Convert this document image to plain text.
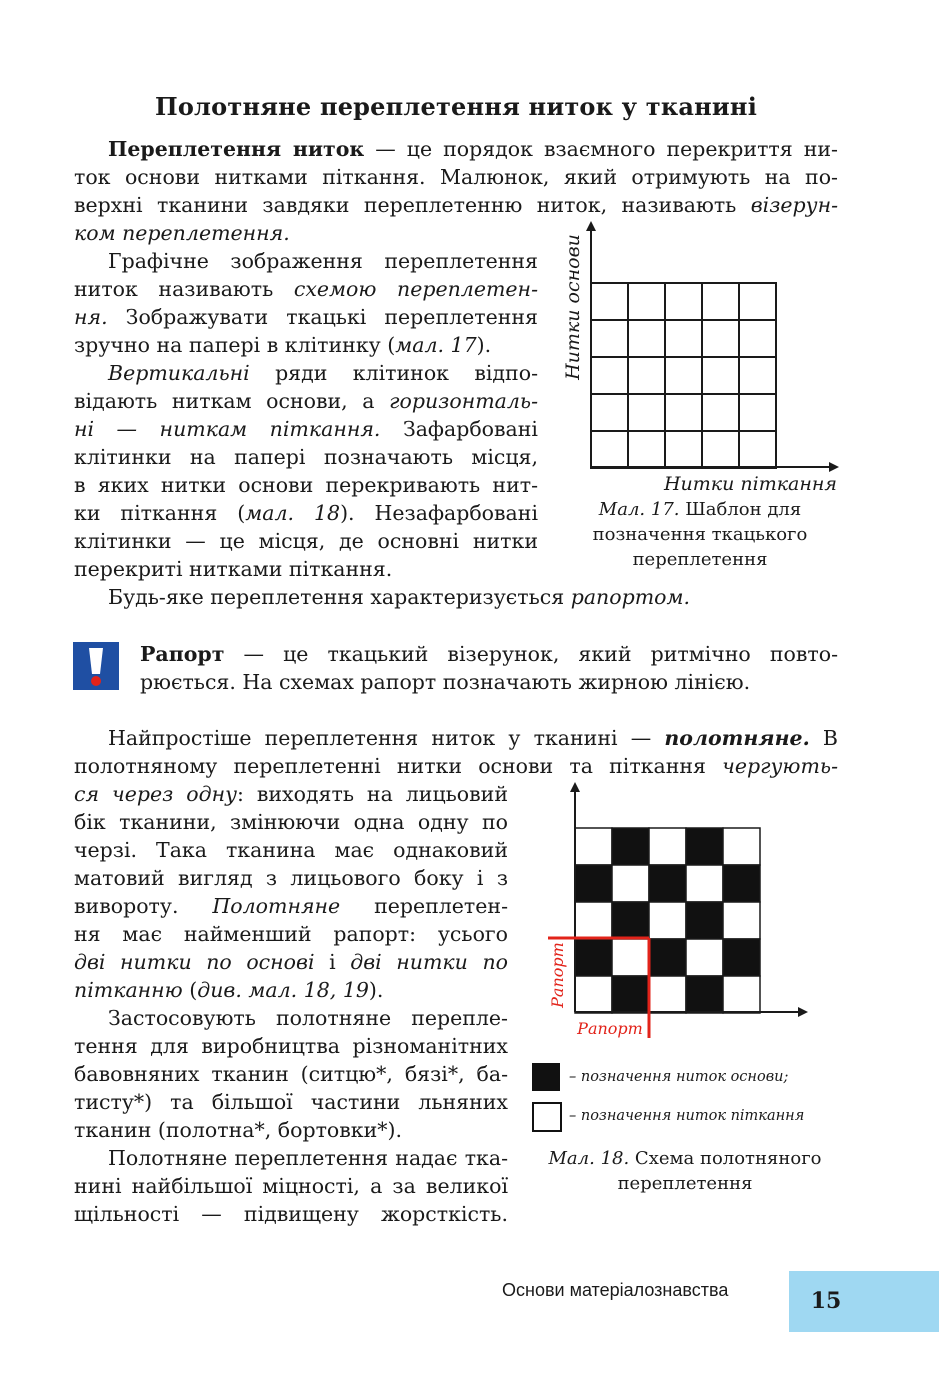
Полотняне переплетення ниток у тканині
Переплетення ниток — це порядок взаємного перекриття ни-
ток основи нитками піткання. Малюнок, який отримують на по-
верхні тканини завдяки переплетенню ниток, називають візерун-
ком переплетення.
Графічне зображення переплетення
ниток називають схемою переплетен-
ня. Зображувати ткацькі переплетення
зручно на папері в клітинку (мал. 17).
Вертикальні ряди клітинок відпо-
відають ниткам основи, а горизонталь-
ні — ниткам піткання. Зафарбовані
клітинки на папері позначають місця,
в яких нитки основи перекривають нит-
ки піткання (мал. 18). Незафарбовані
клітинки — це місця, де основні нитки
перекриті нитками піткання.
Будь-яке переплетення характеризується рапортом.
Нитки основи
Нитки піткання
Мал. 17. Шаблон для
позначення ткацького
переплетення
Рапорт — це ткацький візерунок, який ритмічно повто-
рюється. На схемах рапорт позначають жирною лінією.
Найпростіше переплетення ниток у тканині — полотняне. В
полотняному переплетенні нитки основи та піткання чергують-
ся через одну: виходять на лицьовий
бік тканини, змінюючи одна одну по
черзі. Така тканина має однаковий
матовий вигляд з лицьового боку і з
вивороту. Полотняне переплетен-
ня має найменший рапорт: усього
дві нитки по основі і дві нитки по
пітканню (див. мал. 18, 19).
Застосовують полотняне перепле-
тення для виробництва різноманітних
бавовняних тканин (ситцю*, бязі*, ба-
тисту*) та більшої частини льняних
тканин (полотна*, бортовки*).
Полотняне переплетення надає тка-
нині найбільшої міцності, а за великої
щільності — підвищену жорсткість.
Рапорт
Рапорт
– позначення ниток основи;
– позначення ниток піткання
Мал. 18. Схема полотняного
переплетення
Основи матеріалознавства	15
